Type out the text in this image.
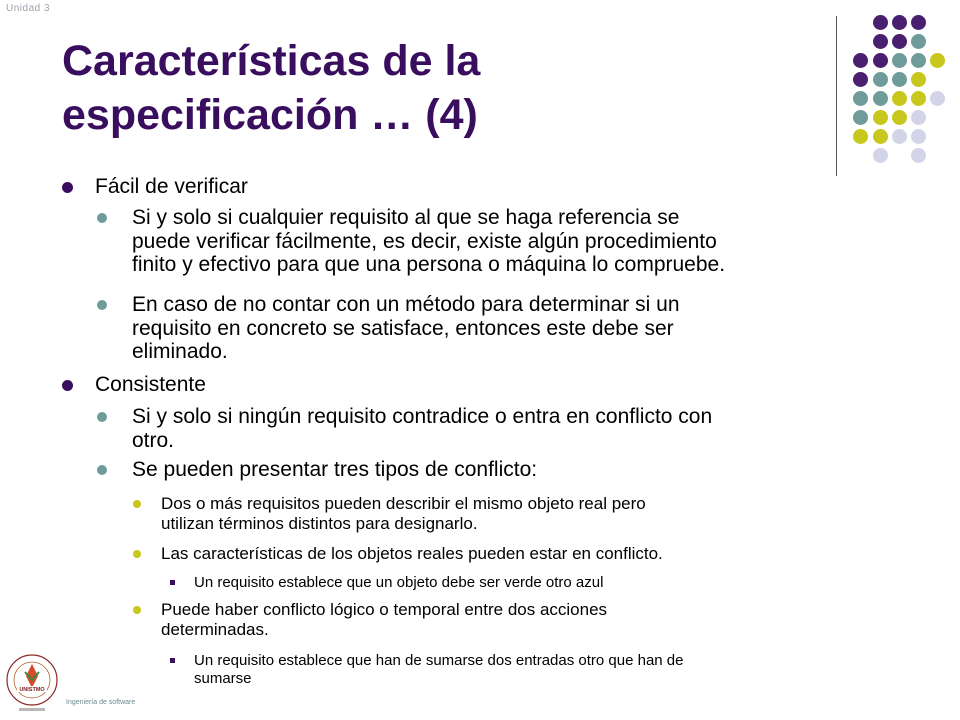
Unidad 3
Características de la
especificación … (4)
Fácil de verificar
Si y solo si cualquier requisito al que se haga referencia se
puede verificar fácilmente, es decir, existe algún procedimiento
finito y efectivo para que una persona o máquina lo compruebe.
En caso de no contar con un método para determinar si un
requisito en concreto se satisface, entonces este debe ser
eliminado.
Consistente
Si y solo si ningún requisito contradice o entra en conflicto con
otro.
Se pueden presentar tres tipos de conflicto:
Dos o más requisitos pueden describir el mismo objeto real pero
utilizan términos distintos para designarlo.
Las características de los objetos reales pueden estar en conflicto.
Un requisito establece que un objeto debe ser verde otro azul
Puede haber conflicto lógico o temporal entre dos acciones
determinadas.
Un requisito establece que han de sumarse dos entradas otro que han de
sumarse
UNISTMO
Ingeniería de software
